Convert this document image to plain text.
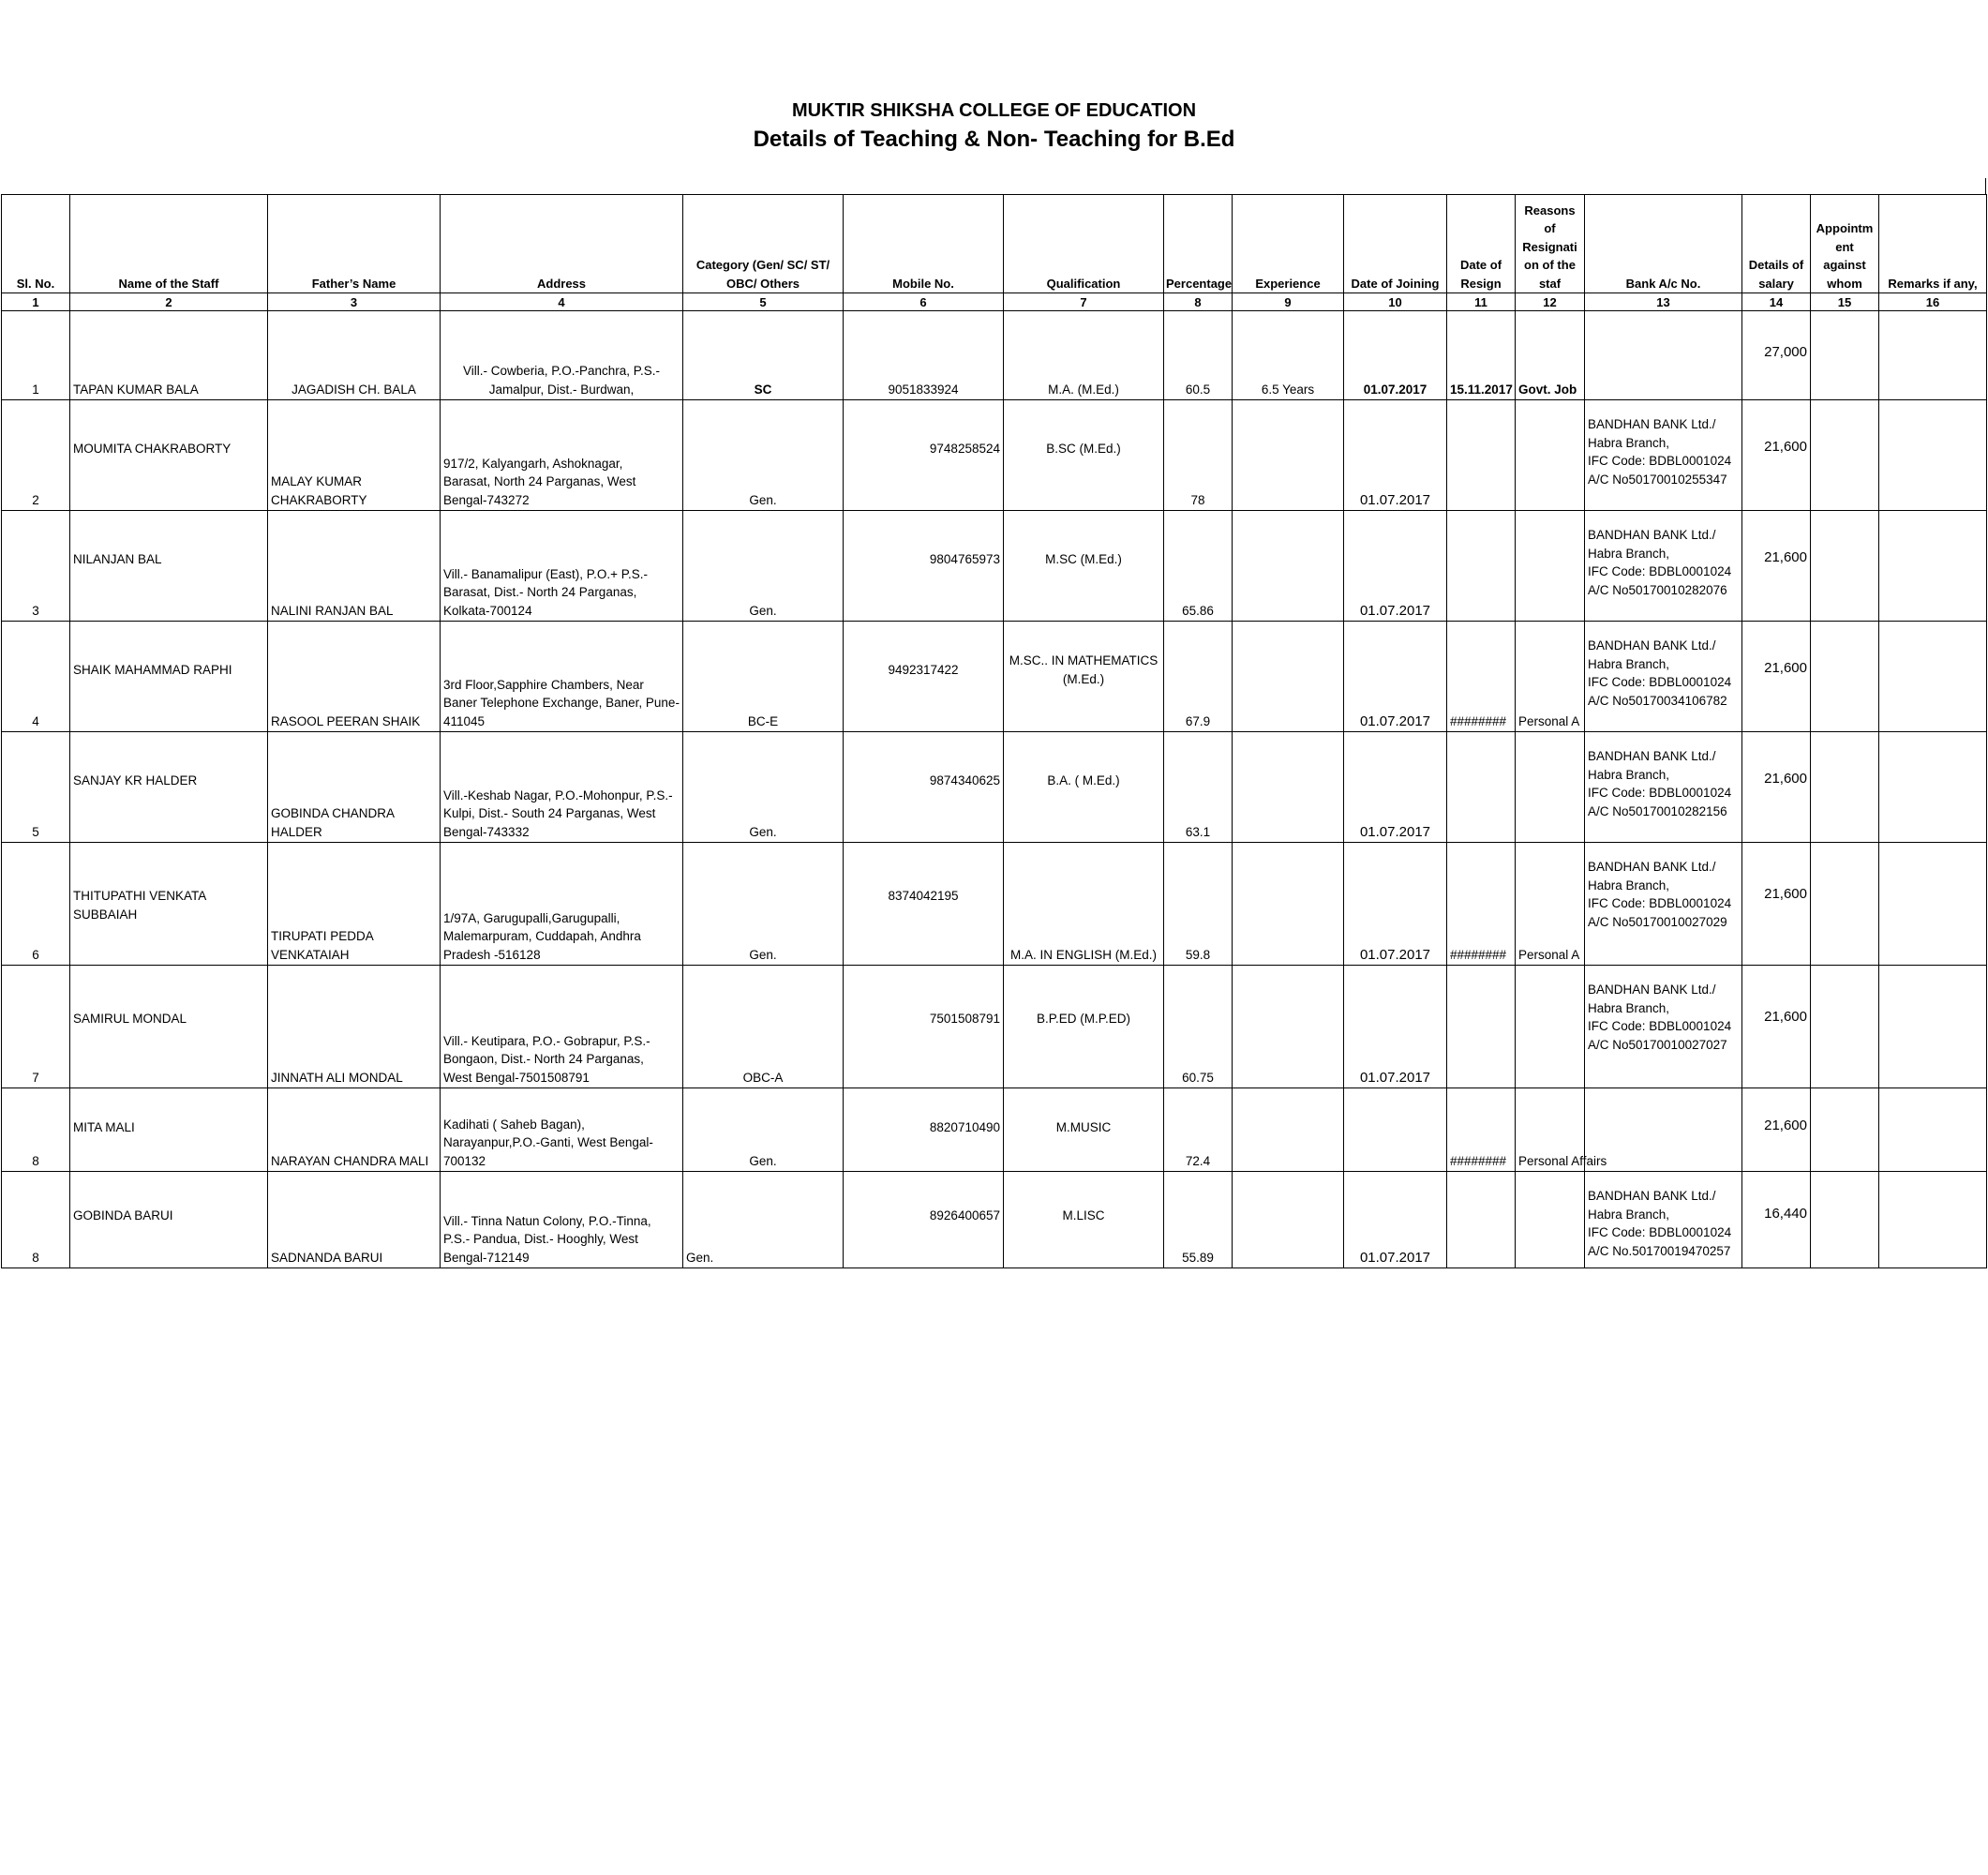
MUKTIR SHIKSHA COLLEGE OF EDUCATION
Details of Teaching & Non- Teaching for B.Ed
Sl. No.	Name of the Staff	Father’s Name	Address	Category (Gen/ SC/ ST/
OBC/ Others	Mobile No.	Qualification	Percentage	Experience	Date of Joining	Date of
Resign	Reasons
of
Resignati
on of the
staf	Bank A/c No.	Details of
salary	Appointm
ent
against
whom	Remarks if any,
1	2	3	4	5	6	7	8	9	10	11	12	13	14	15	16

1	TAPAN KUMAR BALA	JAGADISH CH. BALA	Vill.- Cowberia, P.O.-Panchra, P.S.-
Jamalpur, Dist.- Burdwan,	SC	9051833924	M.A. (M.Ed.)	60.5	6.5 Years	01.07.2017	15.11.2017	Govt. Job		27,000		

2	MOUMITA CHAKRABORTY	MALAY KUMAR
CHAKRABORTY	917/2, Kalyangarh, Ashoknagar,
Barasat, North 24 Parganas, West
Bengal-743272	Gen.	9748258524	B.SC (M.Ed.)	78		01.07.2017			BANDHAN BANK Ltd./
Habra Branch,
IFC Code: BDBL0001024
A/C No50170010255347	21,600		

3	NILANJAN BAL	NALINI RANJAN BAL	Vill.- Banamalipur (East), P.O.+ P.S.-
Barasat, Dist.- North 24 Parganas,
Kolkata-700124	Gen.	9804765973	M.SC (M.Ed.)	65.86		01.07.2017			BANDHAN BANK Ltd./
Habra Branch,
IFC Code: BDBL0001024
A/C No50170010282076	21,600		

4	SHAIK MAHAMMAD RAPHI	RASOOL PEERAN SHAIK	3rd Floor,Sapphire Chambers, Near
Baner Telephone Exchange, Baner, Pune-
411045	BC-E	9492317422	M.SC.. IN MATHEMATICS
(M.Ed.)	67.9		01.07.2017	########	Personal A	BANDHAN BANK Ltd./
Habra Branch,
IFC Code: BDBL0001024
A/C No50170034106782	21,600		

5	SANJAY KR HALDER	GOBINDA CHANDRA
HALDER	Vill.-Keshab Nagar, P.O.-Mohonpur, P.S.-
Kulpi, Dist.- South 24 Parganas, West
Bengal-743332	Gen.	9874340625	B.A. ( M.Ed.)	63.1		01.07.2017			BANDHAN BANK Ltd./
Habra Branch,
IFC Code: BDBL0001024
A/C No50170010282156	21,600		

6	THITUPATHI VENKATA
SUBBAIAH	TIRUPATI PEDDA
VENKATAIAH	1/97A, Garugupalli,Garugupalli,
Malemarpuram, Cuddapah, Andhra
Pradesh -516128	Gen.	8374042195	M.A. IN ENGLISH (M.Ed.)	59.8		01.07.2017	########	Personal A	BANDHAN BANK Ltd./
Habra Branch,
IFC Code: BDBL0001024
A/C No50170010027029	21,600		

7	SAMIRUL MONDAL	JINNATH ALI MONDAL	Vill.- Keutipara, P.O.- Gobrapur, P.S.-
Bongaon, Dist.- North 24 Parganas,
West Bengal-7501508791	OBC-A	7501508791	B.P.ED (M.P.ED)	60.75		01.07.2017			BANDHAN BANK Ltd./
Habra Branch,
IFC Code: BDBL0001024
A/C No50170010027027	21,600		

8	MITA MALI	NARAYAN CHANDRA MALI	Kadihati ( Saheb Bagan),
Narayanpur,P.O.-Ganti, West Bengal-
700132	Gen.	8820710490	M.MUSIC	72.4			########	Personal Affairs		21,600		

8	GOBINDA BARUI	SADNANDA BARUI	Vill.- Tinna Natun Colony, P.O.-Tinna,
P.S.- Pandua, Dist.- Hooghly, West
Bengal-712149	Gen.	8926400657	M.LISC	55.89		01.07.2017			BANDHAN BANK Ltd./
Habra Branch,
IFC Code: BDBL0001024
A/C No.50170019470257	16,440		
